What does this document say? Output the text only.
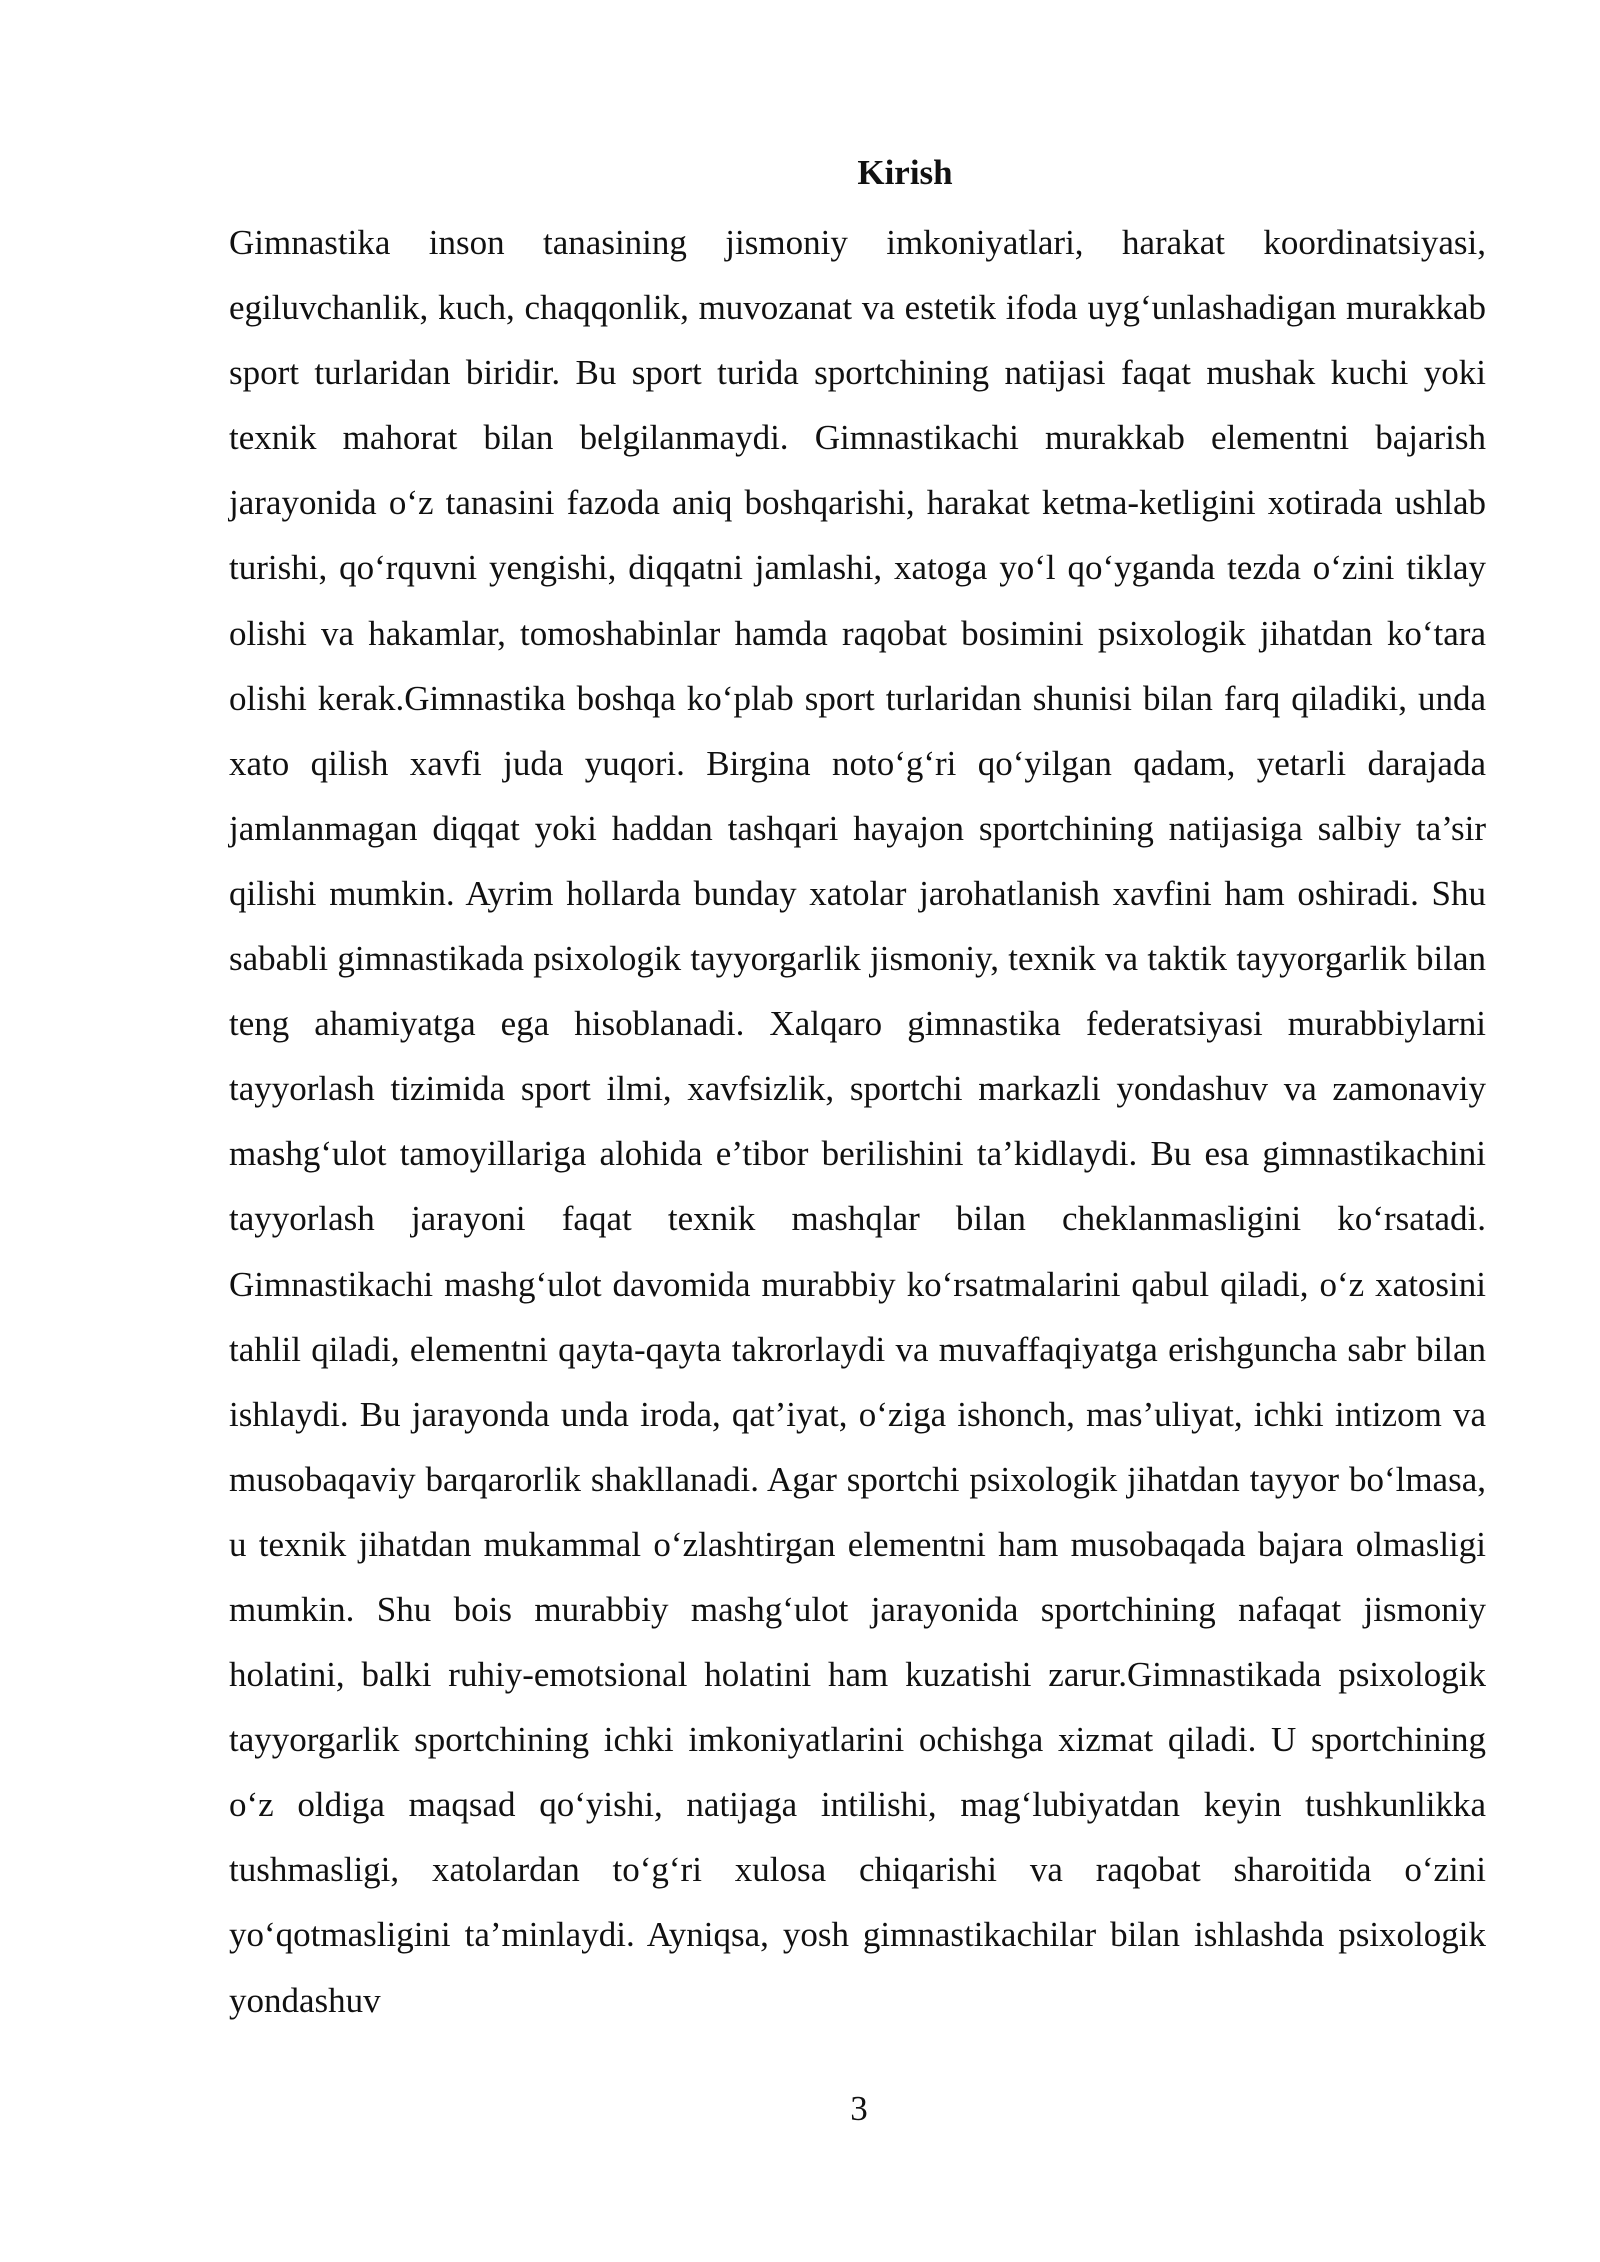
Kirish

Gimnastika inson tanasining jismoniy imkoniyatlari, harakat koordinatsiyasi, egiluvchanlik, kuch, chaqqonlik, muvozanat va estetik ifoda uyg‘unlashadigan murakkab sport turlaridan biridir. Bu sport turida sportchining natijasi faqat mushak kuchi yoki texnik mahorat bilan belgilanmaydi. Gimnastikachi murakkab elementni bajarish jarayonida o‘z tanasini fazoda aniq boshqarishi, harakat ketma-ketligini xotirada ushlab turishi, qo‘rquvni yengishi, diqqatni jamlashi, xatoga yo‘l qo‘yganda tezda o‘zini tiklay olishi va hakamlar, tomoshabinlar hamda raqobat bosimini psixologik jihatdan ko‘tara olishi kerak.Gimnastika boshqa ko‘plab sport turlaridan shunisi bilan farq qiladiki, unda xato qilish xavfi juda yuqori. Birgina noto‘g‘ri qo‘yilgan qadam, yetarli darajada jamlanmagan diqqat yoki haddan tashqari hayajon sportchining natijasiga salbiy ta’sir qilishi mumkin. Ayrim hollarda bunday xatolar jarohatlanish xavfini ham oshiradi. Shu sababli gimnastikada psixologik tayyorgarlik jismoniy, texnik va taktik tayyorgarlik bilan teng ahamiyatga ega hisoblanadi. Xalqaro gimnastika federatsiyasi murabbiylarni tayyorlash tizimida sport ilmi, xavfsizlik, sportchi markazli yondashuv va zamonaviy mashg‘ulot tamoyillariga alohida e’tibor berilishini ta’kidlaydi. Bu esa gimnastikachini tayyorlash jarayoni faqat texnik mashqlar bilan cheklanmasligini ko‘rsatadi. Gimnastikachi mashg‘ulot davomida murabbiy ko‘rsatmalarini qabul qiladi, o‘z xatosini tahlil qiladi, elementni qayta-qayta takrorlaydi va muvaffaqiyatga erishguncha sabr bilan ishlaydi. Bu jarayonda unda iroda, qat’iyat, o‘ziga ishonch, mas’uliyat, ichki intizom va musobaqaviy barqarorlik shakllanadi. Agar sportchi psixologik jihatdan tayyor bo‘lmasa, u texnik jihatdan mukammal o‘zlashtirgan elementni ham musobaqada bajara olmasligi mumkin. Shu bois murabbiy mashg‘ulot jarayonida sportchining nafaqat jismoniy holatini, balki ruhiy-emotsional holatini ham kuzatishi zarur.Gimnastikada psixologik tayyorgarlik sportchining ichki imkoniyatlarini ochishga xizmat qiladi. U sportchining o‘z oldiga maqsad qo‘yishi, natijaga intilishi, mag‘lubiyatdan keyin tushkunlikka tushmasligi, xatolardan to‘g‘ri xulosa chiqarishi va raqobat sharoitida o‘zini yo‘qotmasligini ta’minlaydi. Ayniqsa, yosh gimnastikachilar bilan ishlashda psixologik yondashuv

3
